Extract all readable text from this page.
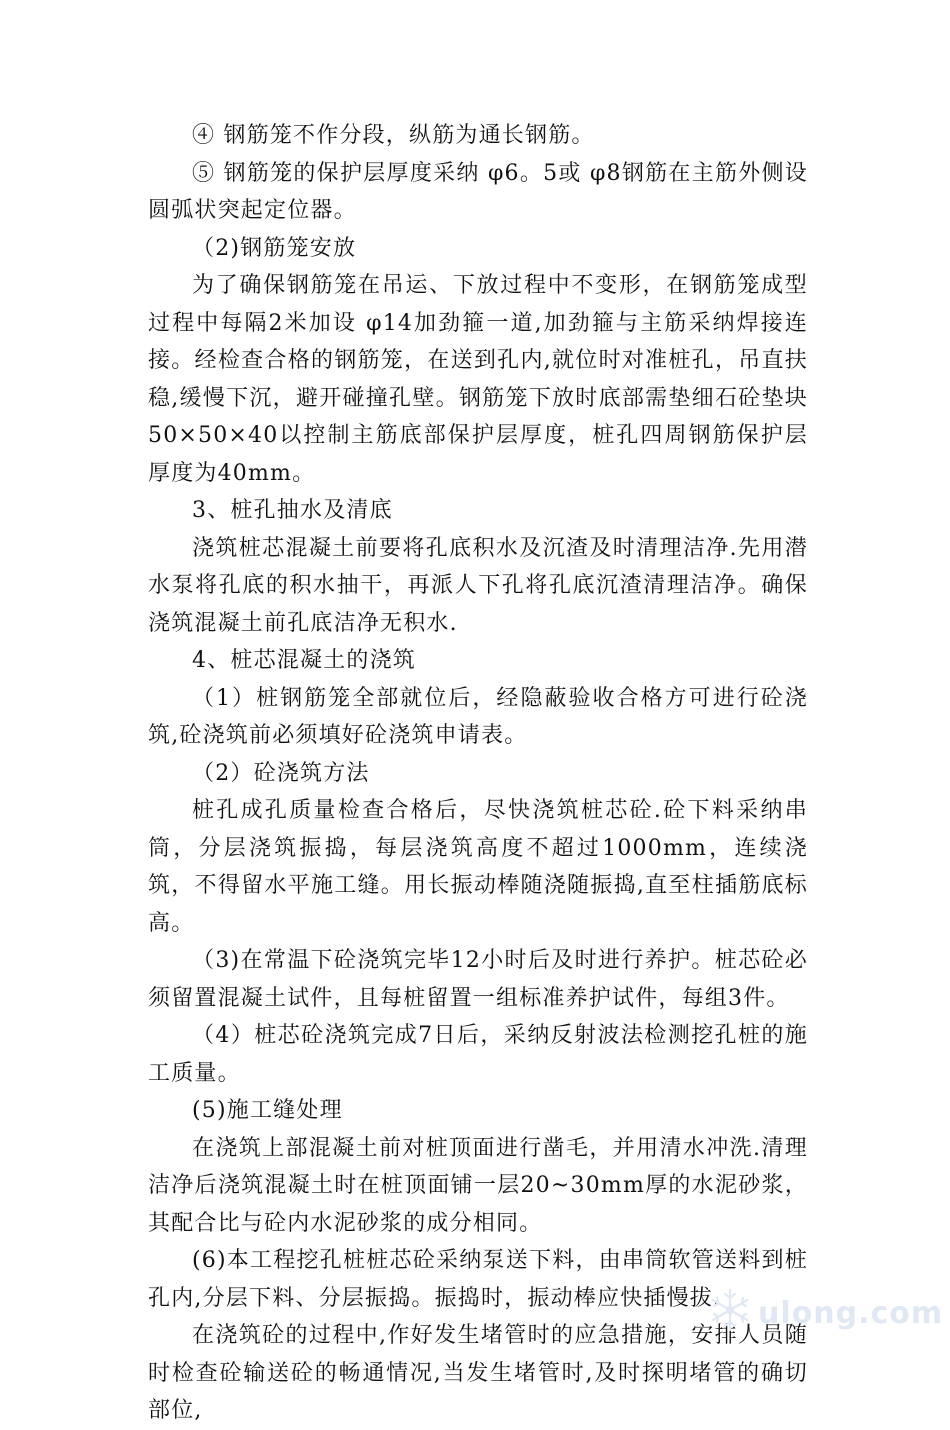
④ 钢筋笼不作分段，纵筋为通长钢筋。

⑤ 钢筋笼的保护层厚度采纳 φ6。5或 φ8钢筋在主筋外侧设圆弧状突起定位器。

（2)钢筋笼安放

为了确保钢筋笼在吊运、下放过程中不变形，在钢筋笼成型过程中每隔2米加设 φ14加劲箍一道,加劲箍与主筋采纳焊接连接。经检查合格的钢筋笼，在送到孔内,就位时对准桩孔，吊直扶稳,缓慢下沉，避开碰撞孔壁。钢筋笼下放时底部需垫细石砼垫块50×50×40以控制主筋底部保护层厚度，桩孔四周钢筋保护层厚度为40mm。

3、桩孔抽水及清底

浇筑桩芯混凝土前要将孔底积水及沉渣及时清理洁净.先用潜水泵将孔底的积水抽干，再派人下孔将孔底沉渣清理洁净。确保浇筑混凝土前孔底洁净无积水.

4、桩芯混凝土的浇筑

（1）桩钢筋笼全部就位后，经隐蔽验收合格方可进行砼浇筑,砼浇筑前必须填好砼浇筑申请表。

（2）砼浇筑方法

桩孔成孔质量检查合格后，尽快浇筑桩芯砼.砼下料采纳串筒，分层浇筑振捣，每层浇筑高度不超过1000mm，连续浇筑，不得留水平施工缝。用长振动棒随浇随振捣,直至柱插筋底标高。

（3)在常温下砼浇筑完毕12小时后及时进行养护。桩芯砼必须留置混凝土试件，且每桩留置一组标准养护试件，每组3件。

（4）桩芯砼浇筑完成7日后，采纳反射波法检测挖孔桩的施工质量。

(5)施工缝处理

在浇筑上部混凝土前对桩顶面进行凿毛，并用清水冲洗.清理洁净后浇筑混凝土时在桩顶面铺一层20~30mm厚的水泥砂浆，其配合比与砼内水泥砂浆的成分相同。

(6)本工程挖孔桩桩芯砼采纳泵送下料，由串筒软管送料到桩孔内,分层下料、分层振捣。振捣时，振动棒应快插慢拔.

在浇筑砼的过程中,作好发生堵管时的应急措施，安排人员随时检查砼输送砼的畅通情况,当发生堵管时,及时探明堵管的确切部位,

ulong.com
